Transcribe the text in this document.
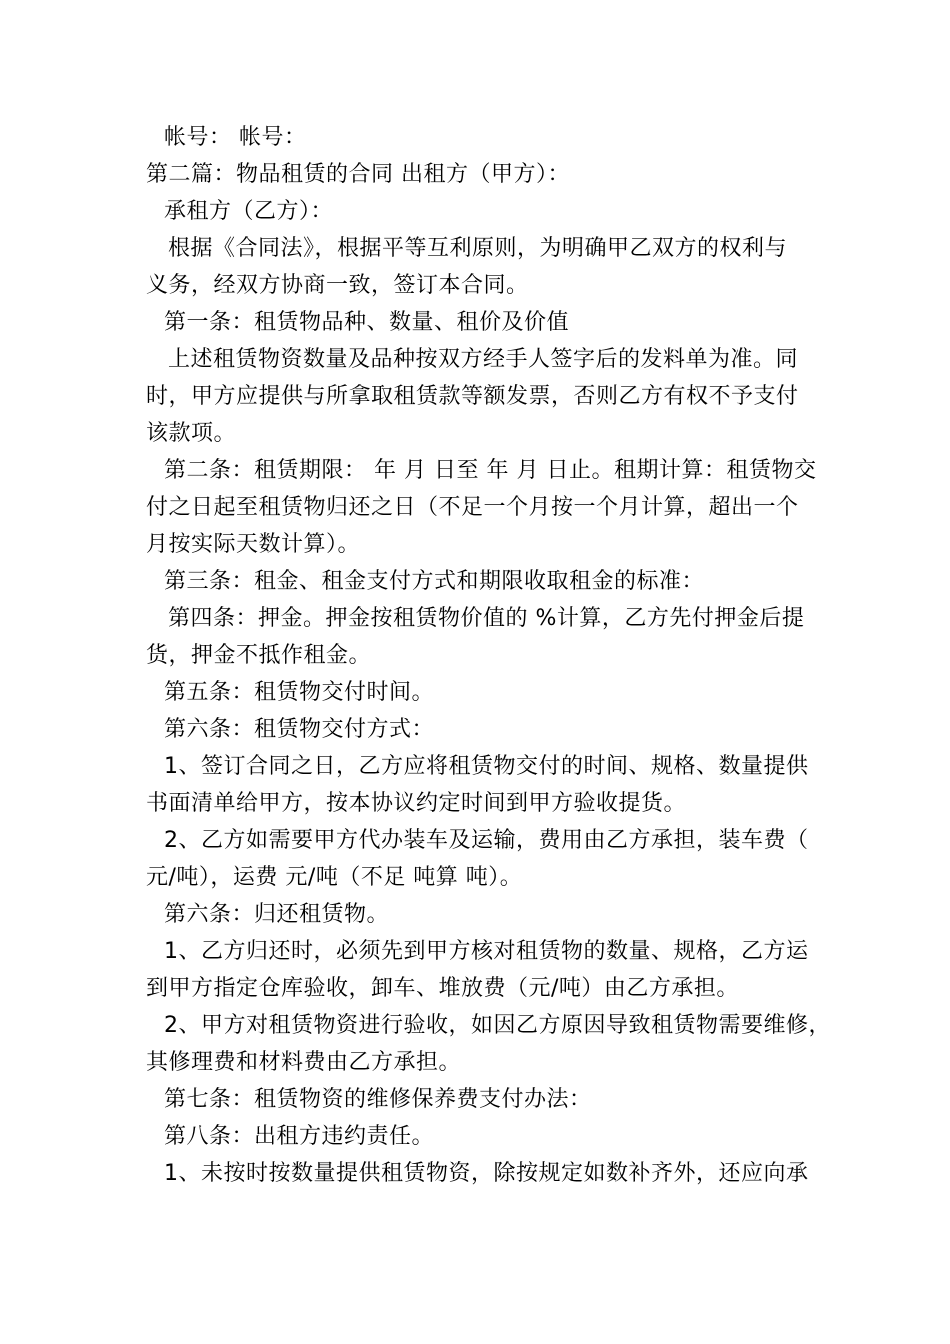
帐号： 帐号：
第二篇：物品租赁的合同 出租方（甲方）：
承租方（乙方）：
根据《合同法》，根据平等互利原则，为明确甲乙双方的权利与
义务，经双方协商一致，签订本合同。
第一条：租赁物品种、数量、租价及价值
上述租赁物资数量及品种按双方经手人签字后的发料单为准。同
时，甲方应提供与所拿取租赁款等额发票，否则乙方有权不予支付
该款项。
第二条：租赁期限： 年 月 日至 年 月 日止。租期计算：租赁物交
付之日起至租赁物归还之日（不足一个月按一个月计算，超出一个
月按实际天数计算）。
第三条：租金、租金支付方式和期限收取租金的标准：
第四条：押金。押金按租赁物价值的 %计算，乙方先付押金后提
货，押金不抵作租金。
第五条：租赁物交付时间。
第六条：租赁物交付方式：
1、签订合同之日，乙方应将租赁物交付的时间、规格、数量提供
书面清单给甲方，按本协议约定时间到甲方验收提货。
2、乙方如需要甲方代办装车及运输，费用由乙方承担，装车费（
元/吨），运费 元/吨（不足 吨算 吨）。
第六条：归还租赁物。
1、乙方归还时，必须先到甲方核对租赁物的数量、规格，乙方运
到甲方指定仓库验收，卸车、堆放费（元/吨）由乙方承担。
2、甲方对租赁物资进行验收，如因乙方原因导致租赁物需要维修，
其修理费和材料费由乙方承担。
第七条：租赁物资的维修保养费支付办法：
第八条：出租方违约责任。
1、未按时按数量提供租赁物资，除按规定如数补齐外，还应向承
